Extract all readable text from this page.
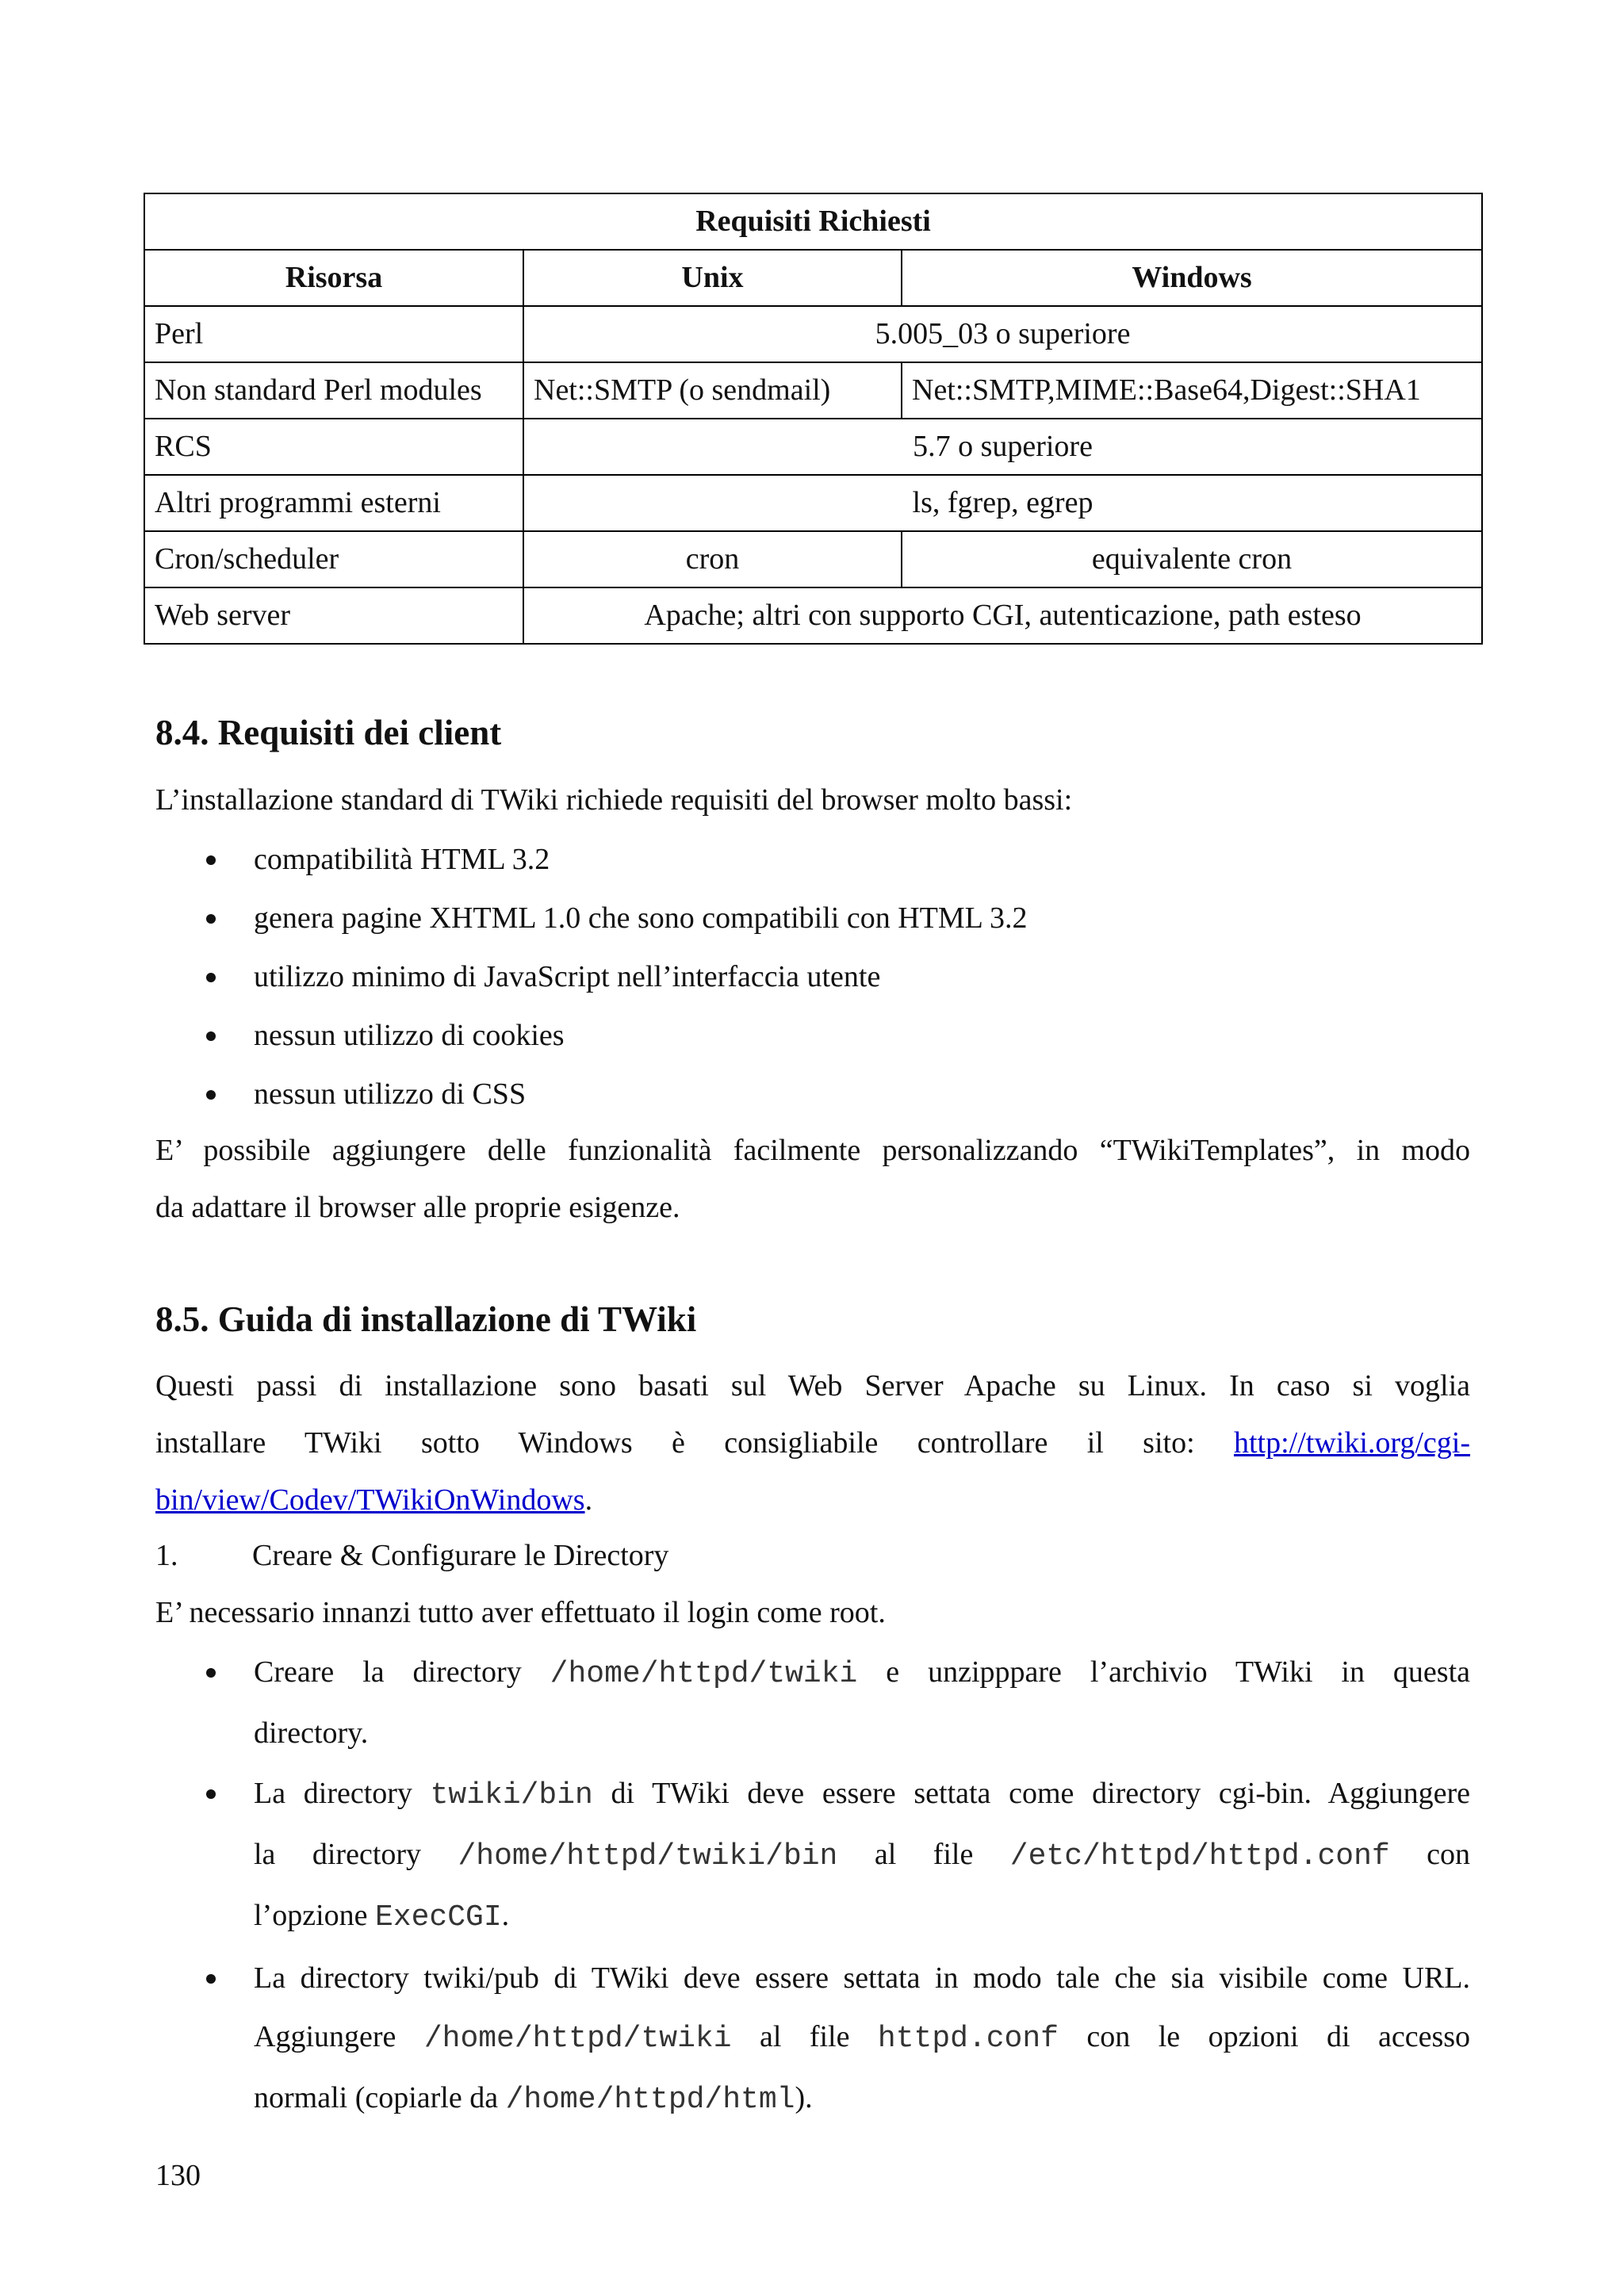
Requisiti Richiesti		
Risorsa	Unix	Windows
Perl	5.005_03 o superiore	
Non standard Perl modules	Net::SMTP (o sendmail)	Net::SMTP,MIME::Base64,Digest::SHA1
RCS	5.7 o superiore	
Altri programmi esterni	ls, fgrep, egrep	
Cron/scheduler	cron	equivalente cron
Web server	Apache; altri con supporto CGI, autenticazione, path esteso	
8.4. Requisiti dei client

L’installazione standard di TWiki richiede requisiti del browser molto bassi:

compatibilità HTML 3.2
genera pagine XHTML 1.0 che sono compatibili con HTML 3.2
utilizzo minimo di JavaScript nell’interfaccia utente
nessun utilizzo di cookies
nessun utilizzo di CSS

E’ possibile aggiungere delle funzionalità facilmente personalizzando “TWikiTemplates”, in modo

da adattare il browser alle proprie esigenze.

8.5. Guida di installazione di TWiki

Questi passi di installazione sono basati sul Web Server Apache su Linux. In caso si voglia

installare TWiki sotto Windows è consigliabile controllare il sito: http://twiki.org/cgi-

bin/view/Codev/TWikiOnWindows.

1. Creare & Configurare le Directory

E’ necessario innanzi tutto aver effettuato il login come root.

Creare la directory /home/httpd/twiki e unzipppare l’archivio TWiki in questa
directory.
La directory twiki/bin di TWiki deve essere settata come directory cgi-bin. Aggiungere
la directory /home/httpd/twiki/bin al file /etc/httpd/httpd.conf con
l’opzione ExecCGI.
La directory twiki/pub di TWiki deve essere settata in modo tale che sia visibile come URL.
Aggiungere /home/httpd/twiki al file httpd.conf con le opzioni di accesso
normali (copiarle da /home/httpd/html).
130
